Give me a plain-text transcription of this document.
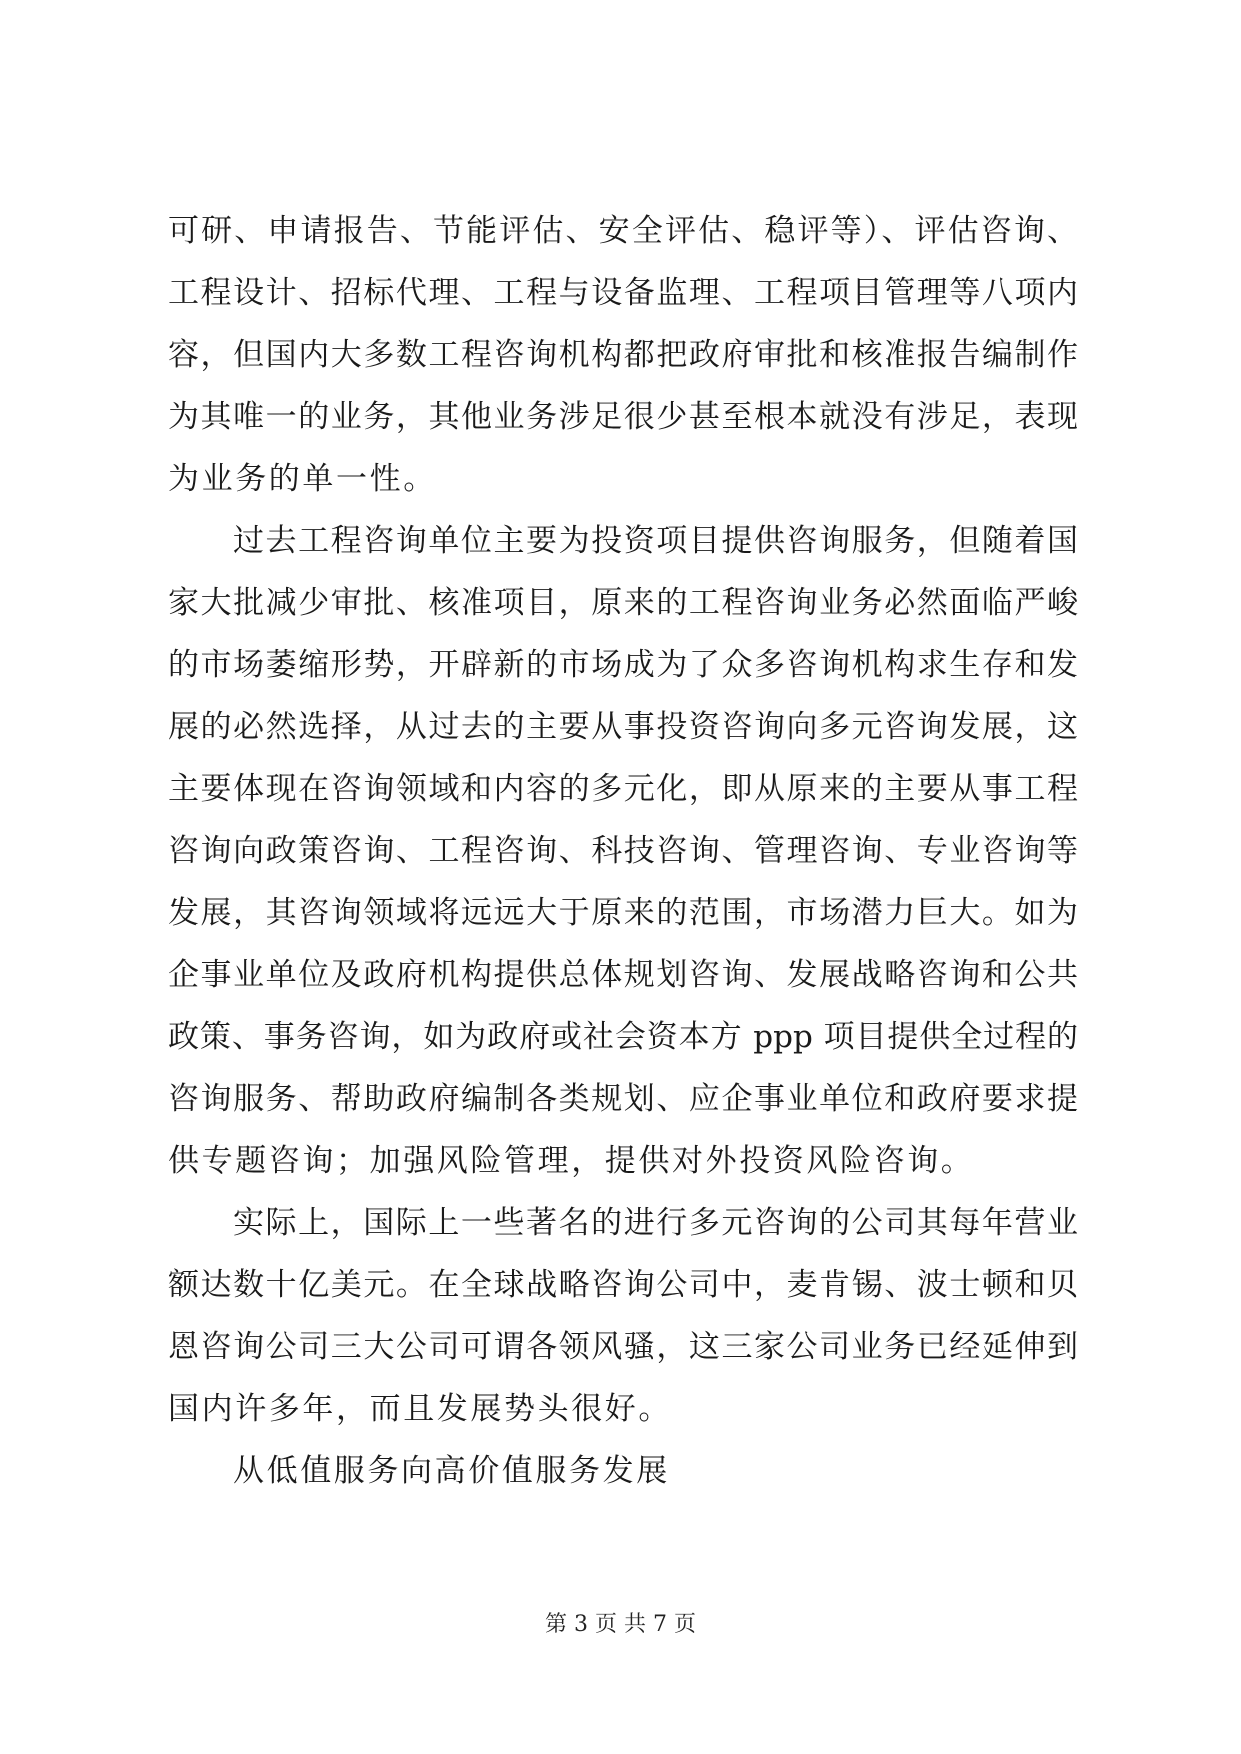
可研、申请报告、节能评估、安全评估、稳评等）、评估咨询、
工程设计、招标代理、工程与设备监理、工程项目管理等八项内
容，但国内大多数工程咨询机构都把政府审批和核准报告编制作
为其唯一的业务，其他业务涉足很少甚至根本就没有涉足，表现
为业务的单一性。
过去工程咨询单位主要为投资项目提供咨询服务，但随着国
家大批减少审批、核准项目，原来的工程咨询业务必然面临严峻
的市场萎缩形势，开辟新的市场成为了众多咨询机构求生存和发
展的必然选择，从过去的主要从事投资咨询向多元咨询发展，这
主要体现在咨询领域和内容的多元化，即从原来的主要从事工程
咨询向政策咨询、工程咨询、科技咨询、管理咨询、专业咨询等
发展，其咨询领域将远远大于原来的范围，市场潜力巨大。如为
企事业单位及政府机构提供总体规划咨询、发展战略咨询和公共
政策、事务咨询，如为政府或社会资本方 ppp 项目提供全过程的
咨询服务、帮助政府编制各类规划、应企事业单位和政府要求提
供专题咨询；加强风险管理，提供对外投资风险咨询。
实际上，国际上一些著名的进行多元咨询的公司其每年营业
额达数十亿美元。在全球战略咨询公司中，麦肯锡、波士顿和贝
恩咨询公司三大公司可谓各领风骚，这三家公司业务已经延伸到
国内许多年，而且发展势头很好。
从低值服务向高价值服务发展
第 3 页 共 7 页
